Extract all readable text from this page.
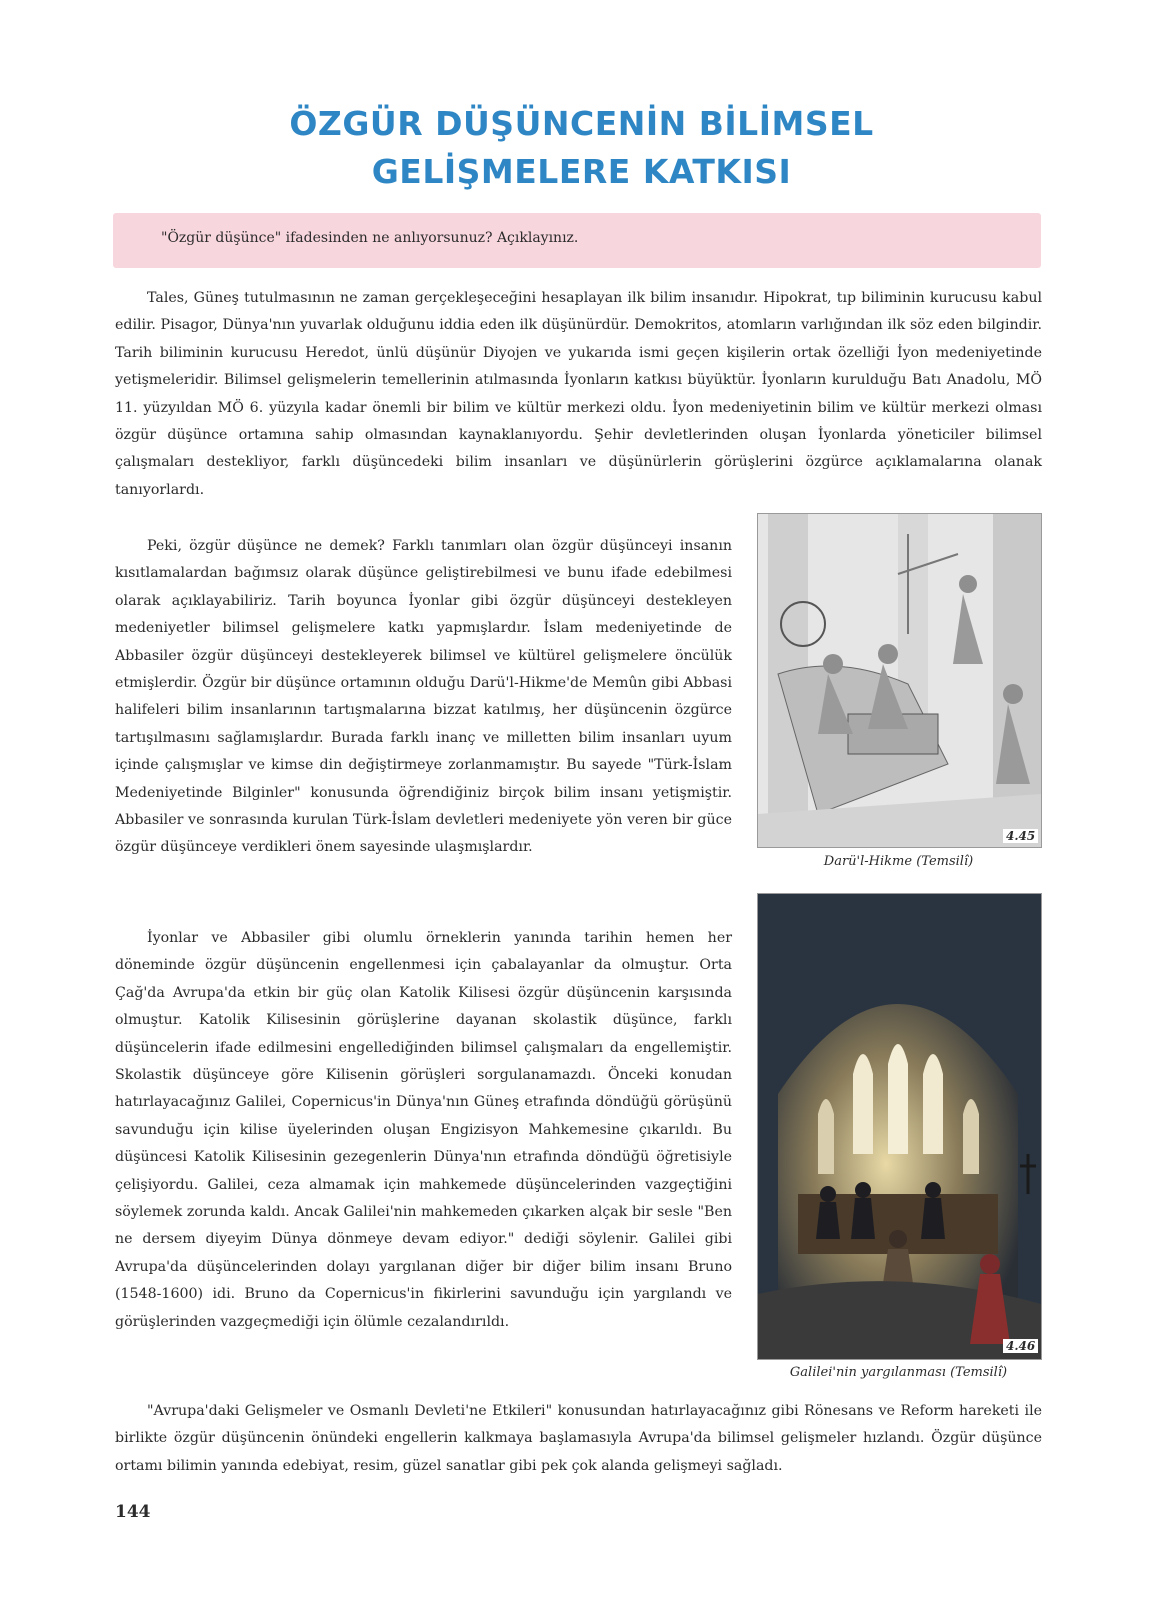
ÖZGÜR DÜŞÜNCENİN BİLİMSEL
GELİŞMELERE KATKISI
"Özgür düşünce" ifadesinden ne anlıyorsunuz? Açıklayınız.

Tales, Güneş tutulmasının ne zaman gerçekleşeceğini hesaplayan ilk bilim insanıdır. Hipokrat, tıp biliminin kurucusu kabul edilir. Pisagor, Dünya'nın yuvarlak olduğunu iddia eden ilk düşünürdür. Demokritos, atomların varlığından ilk söz eden bilgindir. Tarih biliminin kurucusu Heredot, ünlü düşünür Diyojen ve yukarıda ismi geçen kişilerin ortak özelliği İyon medeniyetinde yetişmeleridir. Bilimsel gelişmelerin temellerinin atılmasında İyonların katkısı büyüktür. İyonların kurulduğu Batı Anadolu, MÖ 11. yüzyıldan MÖ 6. yüzyıla kadar önemli bir bilim ve kültür merkezi oldu. İyon medeniyetinin bilim ve kültür merkezi olması özgür düşünce ortamına sahip olmasından kaynaklanıyordu. Şehir devletlerinden oluşan İyonlarda yöneticiler bilimsel çalışmaları destekliyor, farklı düşüncedeki bilim insanları ve düşünürlerin görüşlerini özgürce açıklamalarına olanak tanıyorlardı.

Peki, özgür düşünce ne demek? Farklı tanımları olan özgür düşünceyi insanın kısıtlamalardan bağımsız olarak düşünce geliştirebilmesi ve bunu ifade edebilmesi olarak açıklayabiliriz. Tarih boyunca İyonlar gibi özgür düşünceyi destekleyen medeniyetler bilimsel gelişmelere katkı yapmışlardır. İslam medeniyetinde de Abbasiler özgür düşünceyi destekleyerek bilimsel ve kültürel gelişmelere öncülük etmişlerdir. Özgür bir düşünce ortamının olduğu Darü'l-Hikme'de Memûn gibi Abbasi halifeleri bilim insanlarının tartışmalarına bizzat katılmış, her düşüncenin özgürce tartışılmasını sağlamışlardır. Burada farklı inanç ve milletten bilim insanları uyum içinde çalışmışlar ve kimse din değiştirmeye zorlanmamıştır. Bu sayede "Türk-İslam Medeniyetinde Bilginler" konusunda öğrendiğiniz birçok bilim insanı yetişmiştir. Abbasiler ve sonrasında kurulan Türk-İslam devletleri medeniyete yön veren bir güce özgür düşünceye verdikleri önem sayesinde ulaşmışlardır.

İyonlar ve Abbasiler gibi olumlu örneklerin yanında tarihin hemen her döneminde özgür düşüncenin engellenmesi için çabalayanlar da olmuştur. Orta Çağ'da Avrupa'da etkin bir güç olan Katolik Kilisesi özgür düşüncenin karşısında olmuştur. Katolik Kilisesinin görüşlerine dayanan skolastik düşünce, farklı düşüncelerin ifade edilmesini engellediğinden bilimsel çalışmaları da engellemiştir. Skolastik düşünceye göre Kilisenin görüşleri sorgulanamazdı. Önceki konudan hatırlayacağınız Galilei, Copernicus'in Dünya'nın Güneş etrafında döndüğü görüşünü savunduğu için kilise üyelerinden oluşan Engizisyon Mahkemesine çıkarıldı. Bu düşüncesi Katolik Kilisesinin gezegenlerin Dünya'nın etrafında döndüğü öğretisiyle çelişiyordu. Galilei, ceza almamak için mahkemede düşüncelerinden vazgeçtiğini söylemek zorunda kaldı. Ancak Galilei'nin mahkemeden çıkarken alçak bir sesle "Ben ne dersem diyeyim Dünya dönmeye devam ediyor." dediği söylenir. Galilei gibi Avrupa'da düşüncelerinden dolayı yargılanan diğer bir diğer bilim insanı Bruno (1548-1600) idi. Bruno da Copernicus'in fikirlerini savunduğu için yargılandı ve görüşlerinden vazgeçmediği için ölümle cezalandırıldı.

"Avrupa'daki Gelişmeler ve Osmanlı Devleti'ne Etkileri" konusundan hatırlayacağınız gibi Rönesans ve Reform hareketi ile birlikte özgür düşüncenin önündeki engellerin kalkmaya başlamasıyla Avrupa'da bilimsel gelişmeler hızlandı. Özgür düşünce ortamı bilimin yanında edebiyat, resim, güzel sanatlar gibi pek çok alanda gelişmeyi sağladı.

4.45
Darü'l-Hikme (Temsilî)
4.46
Galilei'nin yargılanması (Temsilî)
144
